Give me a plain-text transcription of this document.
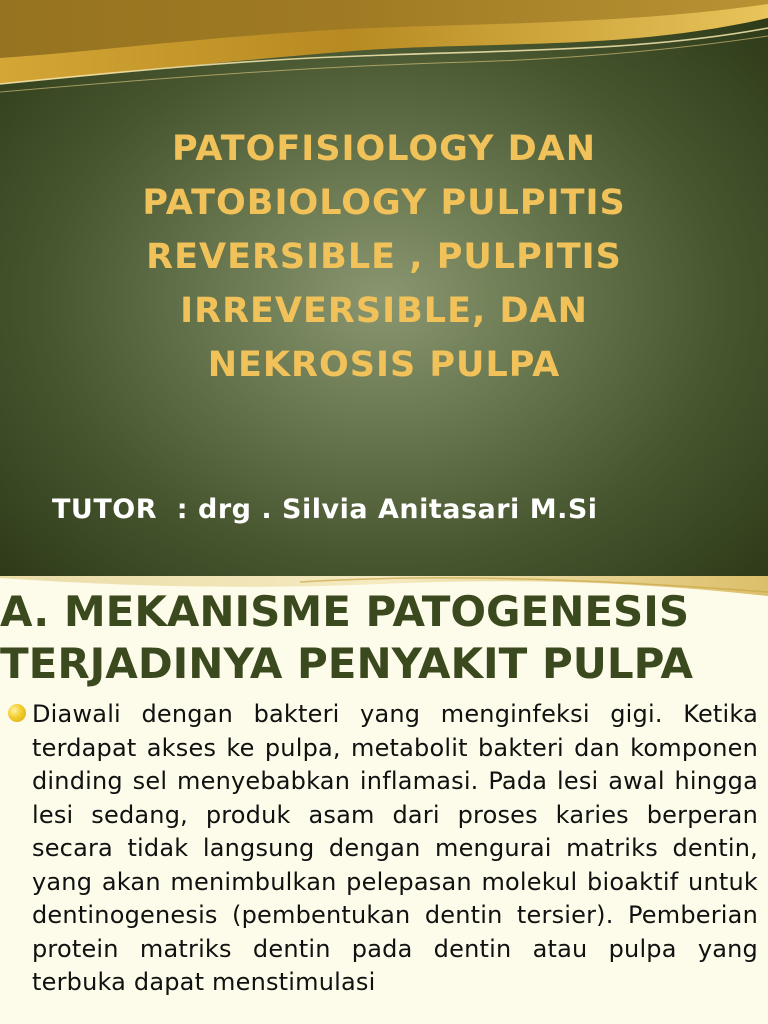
PATOFISIOLOGY DAN PATOBIOLOGY PULPITIS REVERSIBLE , PULPITIS IRREVERSIBLE, DAN NEKROSIS PULPA

TUTOR  : drg . Silvia Anitasari M.Si

A. MEKANISME PATOGENESIS
TERJADINYA PENYAKIT PULPA

Diawali dengan bakteri yang menginfeksi gigi. Ketika terdapat akses ke pulpa, metabolit bakteri dan komponen dinding sel menyebabkan inflamasi. Pada lesi awal hingga lesi sedang, produk asam dari proses karies berperan secara tidak langsung dengan mengurai matriks dentin, yang akan menimbulkan pelepasan molekul bioaktif untuk dentinogenesis (pembentukan dentin tersier). Pemberian protein matriks dentin pada dentin atau pulpa yang terbuka dapat menstimulasi
